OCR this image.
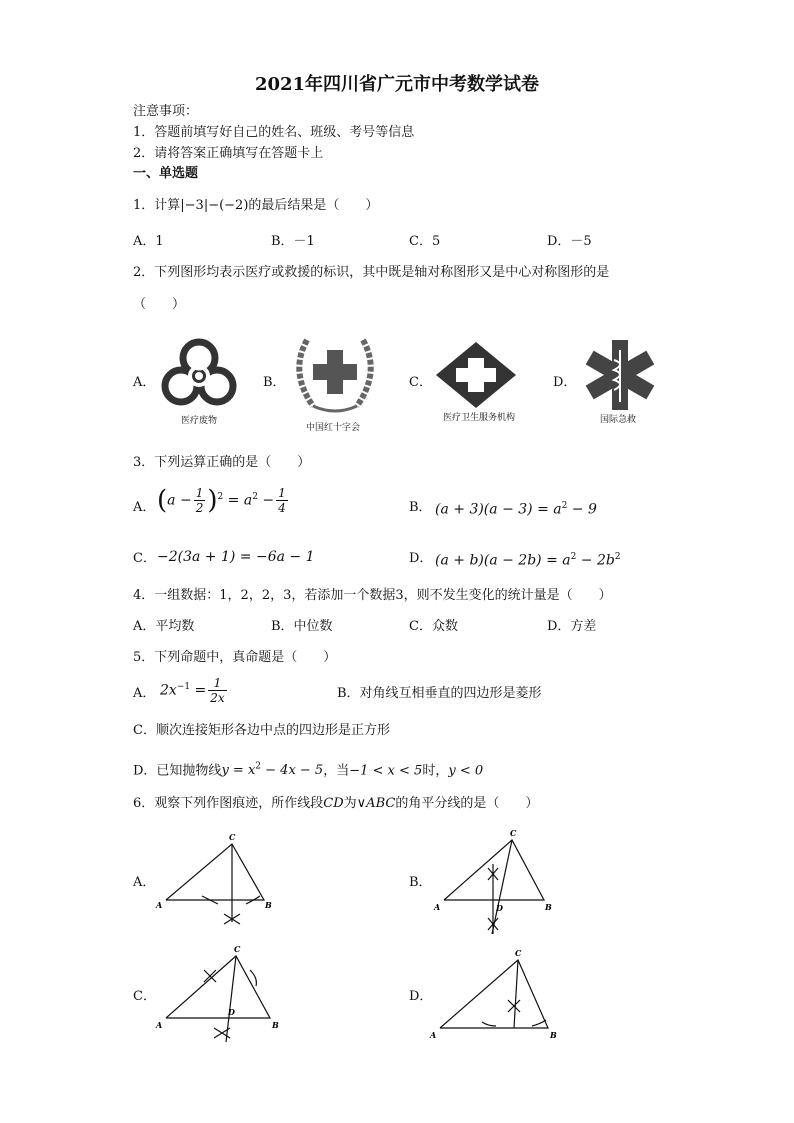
2021年四川省广元市中考数学试卷
注意事项：
1．答题前填写好自己的姓名、班级、考号等信息
2．请将答案正确填写在答题卡上
一、单选题
1．计算|−3|−(−2)的最后结果是（　　）
A．1	B．－1	C．5	D．－5
2．下列图形均表示医疗或救援的标识，其中既是轴对称图形又是中心对称图形的是
（　　）
A．	B．	C．	D．
医疗废物
中国红十字会
医疗卫生服务机构	国际急救
3．下列运算正确的是（　　）
A． $(a - \frac{1}{2} )^2 = a^2 - \frac{1}{4}$	B． $(a + 3)(a - 3) = a^2 - 9$
C． −2(3a + 1) = −6a − 1	D． $(a + b)(a - 2b) = a^2 - 2b^2$
4．一组数据：1，2，2，3，若添加一个数据3，则不发生变化的统计量是（　　）
A．平均数	B．中位数	C．众数	D．方差
5．下列命题中，真命题是（　　）
A． $2x^{-1} = \frac{1}{2x}$	B．对角线互相垂直的四边形是菱形
C．顺次连接矩形各边中点的四边形是正方形
D．已知抛物线$y = x^2 - 4x - 5$，当−1 < x < 5时，y < 0
6．观察下列作图痕迹，所作线段CD为∨ABC的角平分线的是（　　）
A．	B．
C．	D．
A	B
C
A	B
C
D
A	B
C
D
A	B
C
